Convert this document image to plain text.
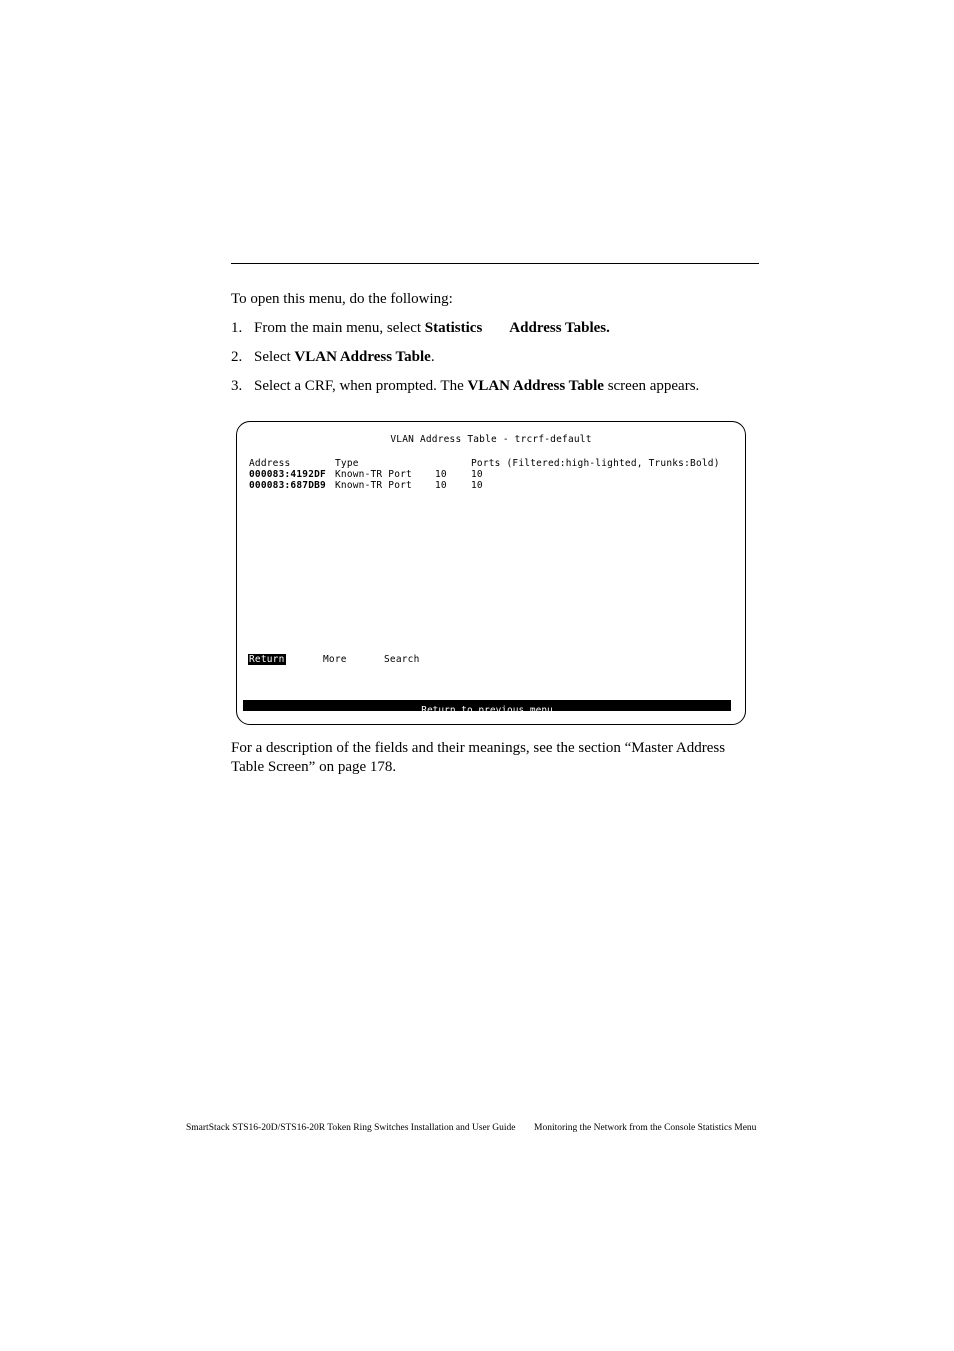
To open this menu, do the following:

1. From the main menu, select Statistics Address Tables.
2. Select VLAN Address Table.
3. Select a CRF, when prompted. The VLAN Address Table screen appears.
VLAN Address Table - trcrf-default
Address	Type	Ports (Filtered:high-lighted, Trunks:Bold)
000083:4192DF Known-TR Port 10	10
000083:687DB9 Known-TR Port 10	10
Return	More	Search
Return to previous menu

For a description of the fields and their meanings, see the section “Master Address Table Screen” on page 178.

SmartStack STS16-20D/STS16-20R Token Ring Switches Installation and User Guide Monitoring the Network from the Console Statistics Menu
